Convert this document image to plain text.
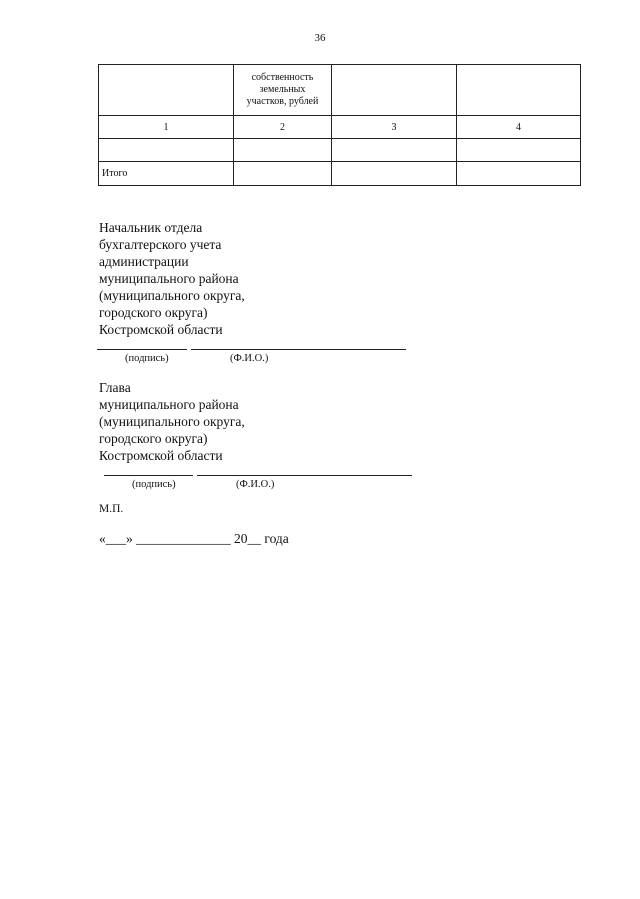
36

	собственность
земельных
участков, рублей		

1	2	3	4

Итого			
Начальник отдела
бухгалтерского учета
администрации
муниципального района
(муниципального округа,
городского округа)
Костромской области
(подпись)	(Ф.И.О.)
Глава
муниципального района
(муниципального округа,
городского округа)
Костромской области
(подпись)	(Ф.И.О.)
М.П.
«___» ______________ 20__ года
